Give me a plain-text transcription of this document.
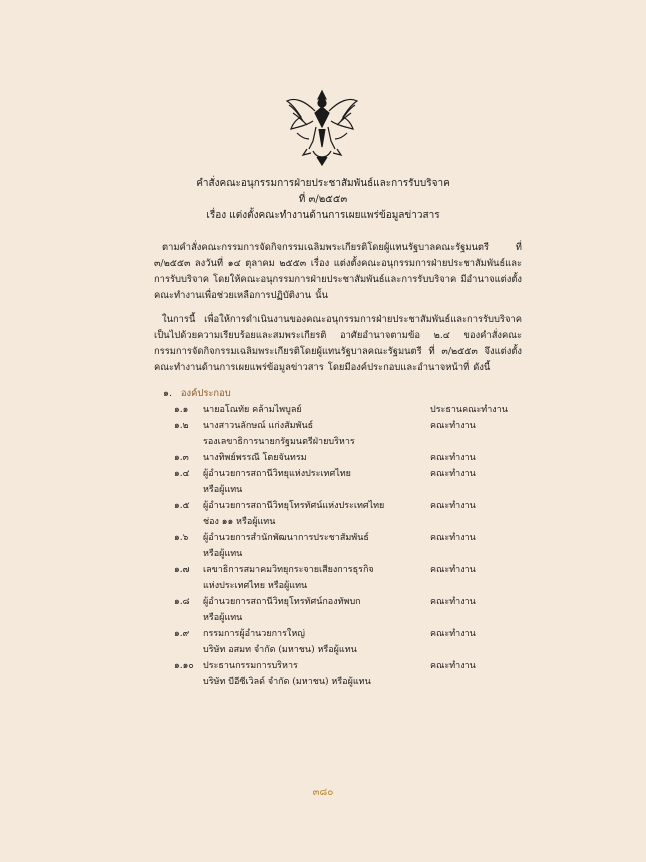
คำสั่งคณะอนุกรรมการฝ่ายประชาสัมพันธ์และการรับบริจาค
ที่ ๓/๒๕๕๓
เรื่อง แต่งตั้งคณะทำงานด้านการเผยแพร่ข้อมูลข่าวสาร
ตามคำสั่งคณะกรรมการจัดกิจกรรมเฉลิมพระเกียรติโดยผู้แทนรัฐบาลคณะรัฐมนตรี ที่ ๓/๒๕๕๓ ลงวันที่ ๑๔ ตุลาคม ๒๕๕๓ เรื่อง แต่งตั้งคณะอนุกรรมการฝ่ายประชาสัมพันธ์และการรับบริจาค โดยให้คณะอนุกรรมการฝ่ายประชาสัมพันธ์และการรับบริจาค มีอำนาจแต่งตั้งคณะทำงานเพื่อช่วยเหลือการปฏิบัติงาน นั้น
ในการนี้ เพื่อให้การดำเนินงานของคณะอนุกรรมการฝ่ายประชาสัมพันธ์และการรับบริจาค เป็นไปด้วยความเรียบร้อยและสมพระเกียรติ อาศัยอำนาจตามข้อ ๒.๔ ของคำสั่งคณะกรรมการจัดกิจกรรมเฉลิมพระเกียรติโดยผู้แทนรัฐบาลคณะรัฐมนตรี ที่ ๓/๒๕๕๓ จึงแต่งตั้งคณะทำงานด้านการเผยแพร่ข้อมูลข่าวสาร โดยมีองค์ประกอบและอำนาจหน้าที่ ดังนี้
๑. องค์ประกอบ
๑.๑	นายอโณทัย คล้ามไพบูลย์	ประธานคณะทำงาน
๑.๒	นางสาวนลักษณ์ แก่งสัมพันธ์	คณะทำงาน
รองเลขาธิการนายกรัฐมนตรีฝ่ายบริหาร
๑.๓	นางทิพย์พรรณี โตยจันทรม	คณะทำงาน
๑.๔	ผู้อำนวยการสถานีวิทยุแห่งประเทศไทย	คณะทำงาน
หรือผู้แทน
๑.๕	ผู้อำนวยการสถานีวิทยุโทรทัศน์แห่งประเทศไทย	คณะทำงาน
ช่อง ๑๑ หรือผู้แทน
๑.๖	ผู้อำนวยการสำนักพัฒนาการประชาสัมพันธ์	คณะทำงาน
หรือผู้แทน
๑.๗	เลขาธิการสมาคมวิทยุกระจายเสียงการธุรกิจ	คณะทำงาน
แห่งประเทศไทย หรือผู้แทน
๑.๘	ผู้อำนวยการสถานีวิทยุโทรทัศน์กองทัพบก	คณะทำงาน
หรือผู้แทน
๑.๙	กรรมการผู้อำนวยการใหญ่	คณะทำงาน
บริษัท อสมท จำกัด (มหาชน) หรือผู้แทน
๑.๑๐	ประธานกรรมการบริหาร	คณะทำงาน
บริษัท บีอีซีเวิลด์ จำกัด (มหาชน) หรือผู้แทน
๓๘๐
